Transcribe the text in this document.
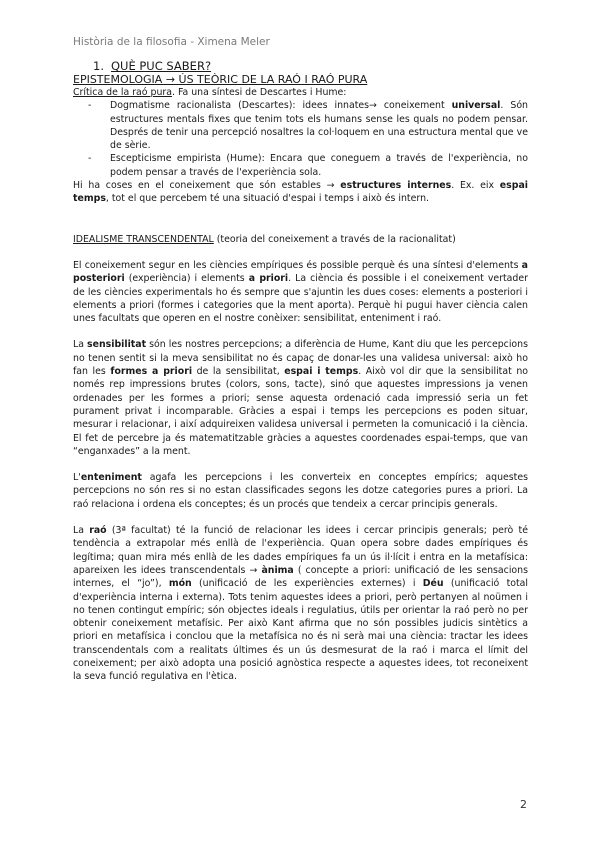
Història de la filosofia - Ximena Meler
1. QUÈ PUC SABER?
EPISTEMOLOGIA → ÚS TEÒRIC DE LA RAÓ I RAÓ PURA
Crítica de la raó pura. Fa una síntesi de Descartes i Hume:
- Dogmatisme racionalista (Descartes): idees innates→ coneixement universal. Són estructures mentals fixes que tenim tots els humans sense les quals no podem pensar. Després de tenir una percepció nosaltres la col·loquem en una estructura mental que ve de sèrie.
- Escepticisme empirista (Hume): Encara que coneguem a través de l'experiència, no podem pensar a través de l'experiència sola.

Hi ha coses en el coneixement que són estables → estructures internes. Ex. eix espai temps, tot el que percebem té una situació d'espai i temps i això és intern.

IDEALISME TRANSCENDENTAL (teoria del coneixement a través de la racionalitat)

El coneixement segur en les ciències empíriques és possible perquè és una síntesi d'elements a posteriori (experiència) i elements a priori. La ciència és possible i el coneixement vertader de les ciències experimentals ho és sempre que s'ajuntin les dues coses: elements a posteriori i elements a priori (formes i categories que la ment aporta). Perquè hi pugui haver ciència calen unes facultats que operen en el nostre conèixer: sensibilitat, enteniment i raó.

La sensibilitat són les nostres percepcions; a diferència de Hume, Kant diu que les percepcions no tenen sentit si la meva sensibilitat no és capaç de donar-les una validesa universal: això ho fan les formes a priori de la sensibilitat, espai i temps. Això vol dir que la sensibilitat no només rep impressions brutes (colors, sons, tacte), sinó que aquestes impressions ja venen ordenades per les formes a priori; sense aquesta ordenació cada impressió seria un fet purament privat i incomparable. Gràcies a espai i temps les percepcions es poden situar, mesurar i relacionar, i així adquireixen validesa universal i permeten la comunicació i la ciència. El fet de percebre ja és matematitzable gràcies a aquestes coordenades espai-temps, que van “enganxades” a la ment.

L'enteniment agafa les percepcions i les converteix en conceptes empírics; aquestes percepcions no són res si no estan classificades segons les dotze categories pures a priori. La raó relaciona i ordena els conceptes; és un procés que tendeix a cercar principis generals.

La raó (3ª facultat) té la funció de relacionar les idees i cercar principis generals; però té tendència a extrapolar més enllà de l'experiència. Quan opera sobre dades empíriques és legítima; quan mira més enllà de les dades empíriques fa un ús il·lícit i entra en la metafísica: apareixen les idees transcendentals → ànima ( concepte a priori: unificació de les sensacions internes, el “jo”), món (unificació de les experiències externes) i Déu (unificació total d'experiència interna i externa). Tots tenim aquestes idees a priori, però pertanyen al noümen i no tenen contingut empíric; són objectes ideals i regulatius, útils per orientar la raó però no per obtenir coneixement metafísic. Per això Kant afirma que no són possibles judicis sintètics a priori en metafísica i conclou que la metafísica no és ni serà mai una ciència: tractar les idees transcendentals com a realitats últimes és un ús desmesurat de la raó i marca el límit del coneixement; per això adopta una posició agnòstica respecte a aquestes idees, tot reconeixent la seva funció regulativa en l'ètica.

2
